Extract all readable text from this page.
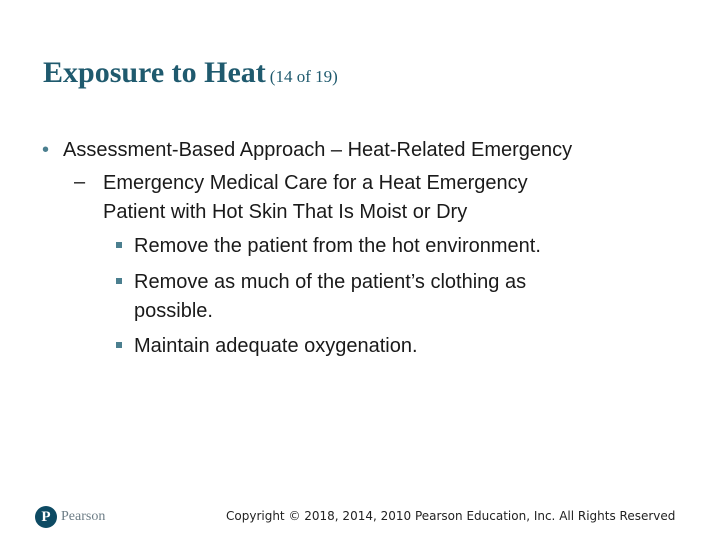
Exposure to Heat (14 of 19)
• Assessment-Based Approach – Heat-Related Emergency
– Emergency Medical Care for a Heat Emergency
Patient with Hot Skin That Is Moist or Dry
Remove the patient from the hot environment.
Remove as much of the patient’s clothing as
possible.
Maintain adequate oxygenation.
P Pearson	Copyright © 2018, 2014, 2010 Pearson Education, Inc. All Rights Reserved
